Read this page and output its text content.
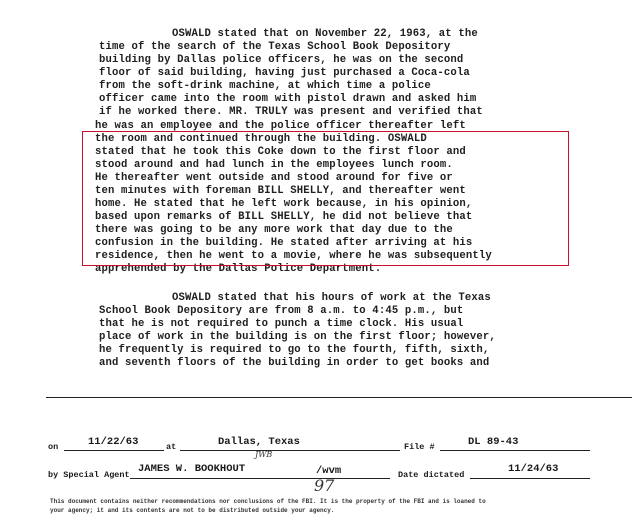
OSWALD stated that on November 22, 1963, at the
time of the search of the Texas School Book Depository
building by Dallas police officers, he was on the second
floor of said building, having just purchased a Coca-cola
from the soft-drink machine, at which time a police
officer came into the room with pistol drawn and asked him
if he worked there. MR. TRULY was present and verified that
he was an employee and the police officer thereafter left
the room and continued through the building. OSWALD
stated that he took this Coke down to the first floor and
stood around and had lunch in the employees lunch room.
He thereafter went outside and stood around for five or
ten minutes with foreman BILL SHELLY, and thereafter went
home. He stated that he left work because, in his opinion,
based upon remarks of BILL SHELLY, he did not believe that
there was going to be any more work that day due to the
confusion in the building. He stated after arriving at his
residence, then he went to a movie, where he was subsequently
apprehended by the Dallas Police Department.
OSWALD stated that his hours of work at the Texas
School Book Depository are from 8 a.m. to 4:45 p.m., but
that he is not required to punch a time clock. His usual
place of work in the building is on the first floor; however,
he frequently is required to go to the fourth, fifth, sixth,
and seventh floors of the building in order to get books and
on	11/22/63	at	Dallas, Texas	File #	DL 89-43
by Special Agent JAMES W. BOOKHOUT	/wvm	Date dictated	11/24/63
JWB
97
This document contains neither recommendations nor conclusions of the FBI. It is the property of the FBI and is loaned to
your agency; it and its contents are not to be distributed outside your agency.
